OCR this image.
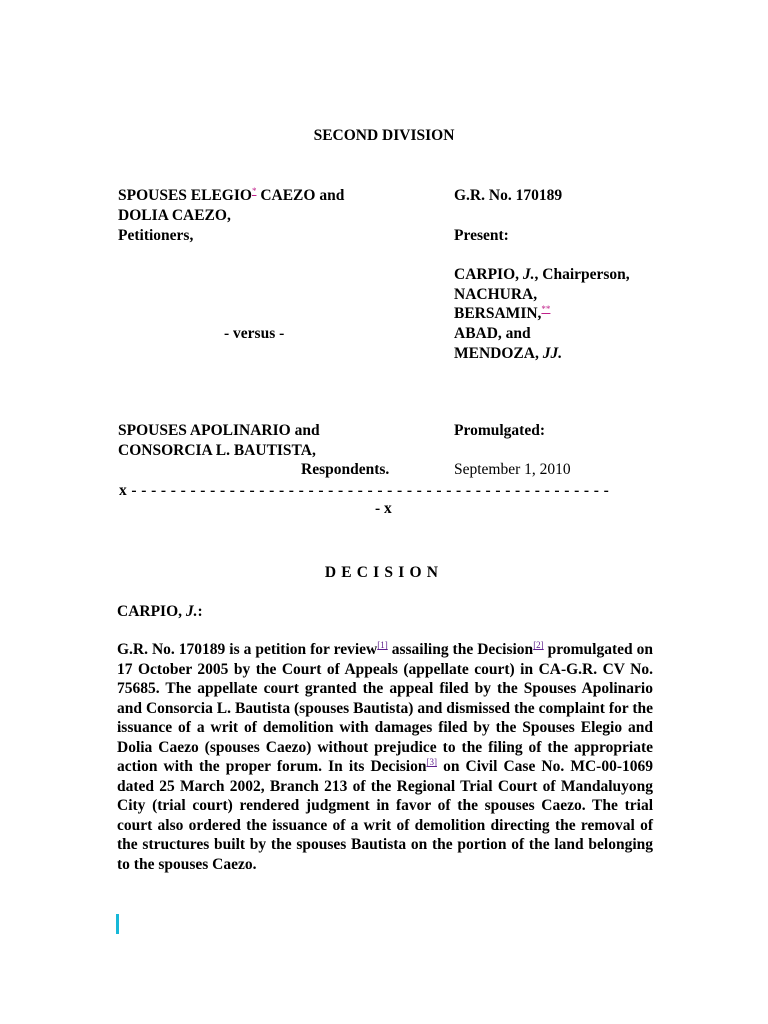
SECOND DIVISION
SPOUSES ELEGIO* CAEZO and
DOLIA CAEZO,
Petitioners,
- versus -
SPOUSES APOLINARIO and
CONSORCIA L. BAUTISTA,
Respondents.
G.R. No. 170189
Present:
CARPIO, J., Chairperson,
NACHURA,
BERSAMIN,**
ABAD, and
MENDOZA, JJ.
Promulgated:
September 1, 2010
x - - - - - - - - - - - - - - - - - - - - - - - - - - - - - - - - - - - - - - - - - - - - - - - - -
- x
DECISION
CARPIO, J.:

G.R. No. 170189 is a petition for review[1] assailing the Decision[2] promulgated on 17 October 2005 by the Court of Appeals (appellate court) in CA-G.R. CV No. 75685. The appellate court granted the appeal filed by the Spouses Apolinario and Consorcia L. Bautista (spouses Bautista) and dismissed the complaint for the issuance of a writ of demolition with damages filed by the Spouses Elegio and Dolia Caezo (spouses Caezo) without prejudice to the filing of the appropriate action with the proper forum. In its Decision[3] on Civil Case No. MC-00-1069 dated 25 March 2002, Branch 213 of the Regional Trial Court of Mandaluyong City (trial court) rendered judgment in favor of the spouses Caezo. The trial court also ordered the issuance of a writ of demolition directing the removal of the structures built by the spouses Bautista on the portion of the land belonging to the spouses Caezo.
